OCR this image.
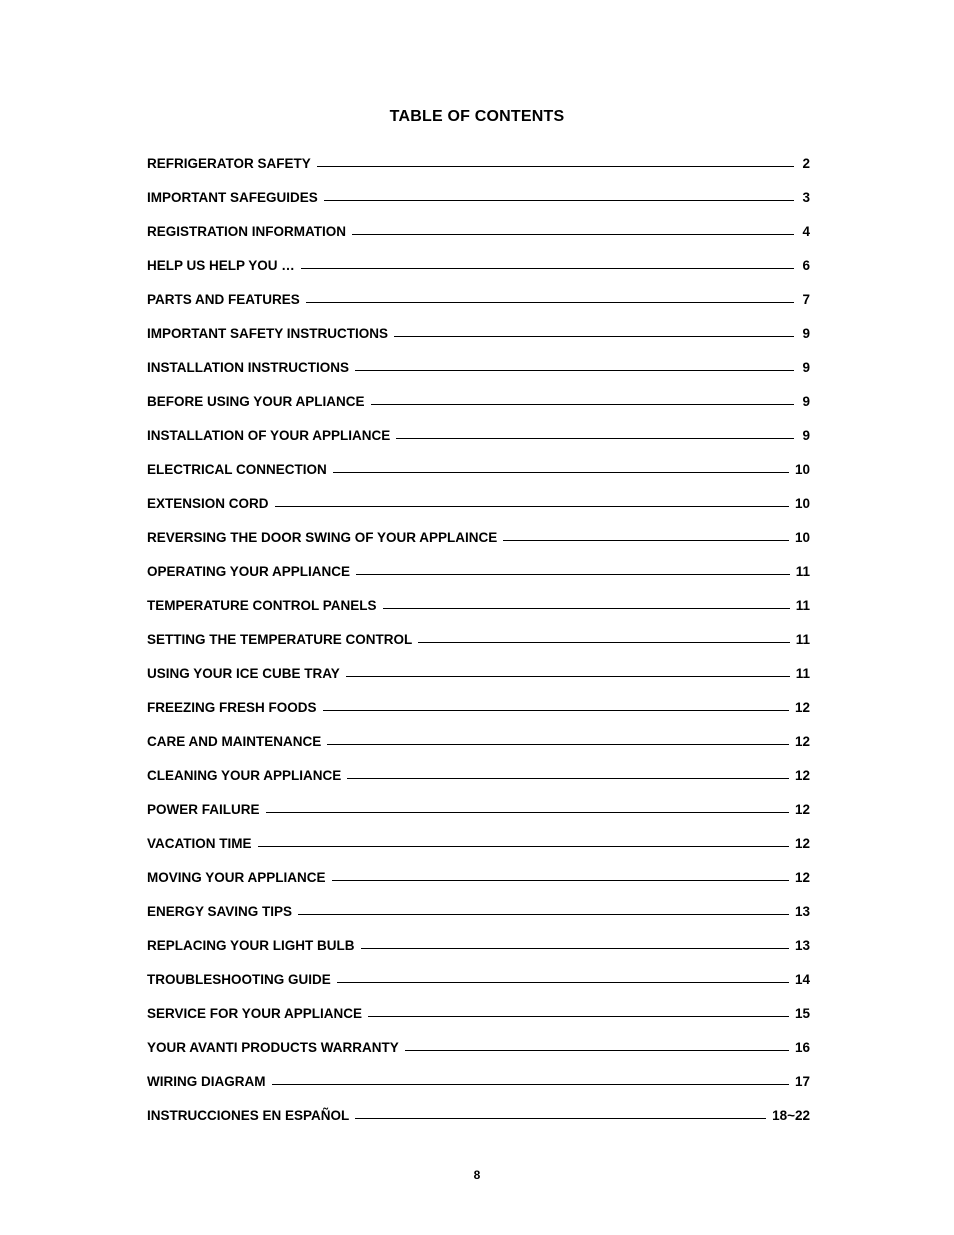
TABLE OF CONTENTS
REFRIGERATOR SAFETY	2
IMPORTANT SAFEGUIDES	3
REGISTRATION INFORMATION	4
HELP US HELP YOU …	6
PARTS AND FEATURES	7
IMPORTANT SAFETY INSTRUCTIONS	9
INSTALLATION INSTRUCTIONS	9
BEFORE USING YOUR APLIANCE	9
INSTALLATION OF YOUR APPLIANCE	9
ELECTRICAL CONNECTION	10
EXTENSION CORD	10
REVERSING THE DOOR SWING OF YOUR APPLAINCE	10
OPERATING YOUR APPLIANCE	11
TEMPERATURE CONTROL PANELS	11
SETTING THE TEMPERATURE CONTROL	11
USING YOUR ICE CUBE TRAY	11
FREEZING FRESH FOODS	12
CARE AND MAINTENANCE	12
CLEANING YOUR APPLIANCE	12
POWER FAILURE	12
VACATION TIME	12
MOVING YOUR APPLIANCE	12
ENERGY SAVING TIPS	13
REPLACING YOUR LIGHT BULB	13
TROUBLESHOOTING GUIDE	14
SERVICE FOR YOUR APPLIANCE	15
YOUR AVANTI PRODUCTS WARRANTY	16
WIRING DIAGRAM	17
INSTRUCCIONES EN ESPAÑOL	18~22
8
